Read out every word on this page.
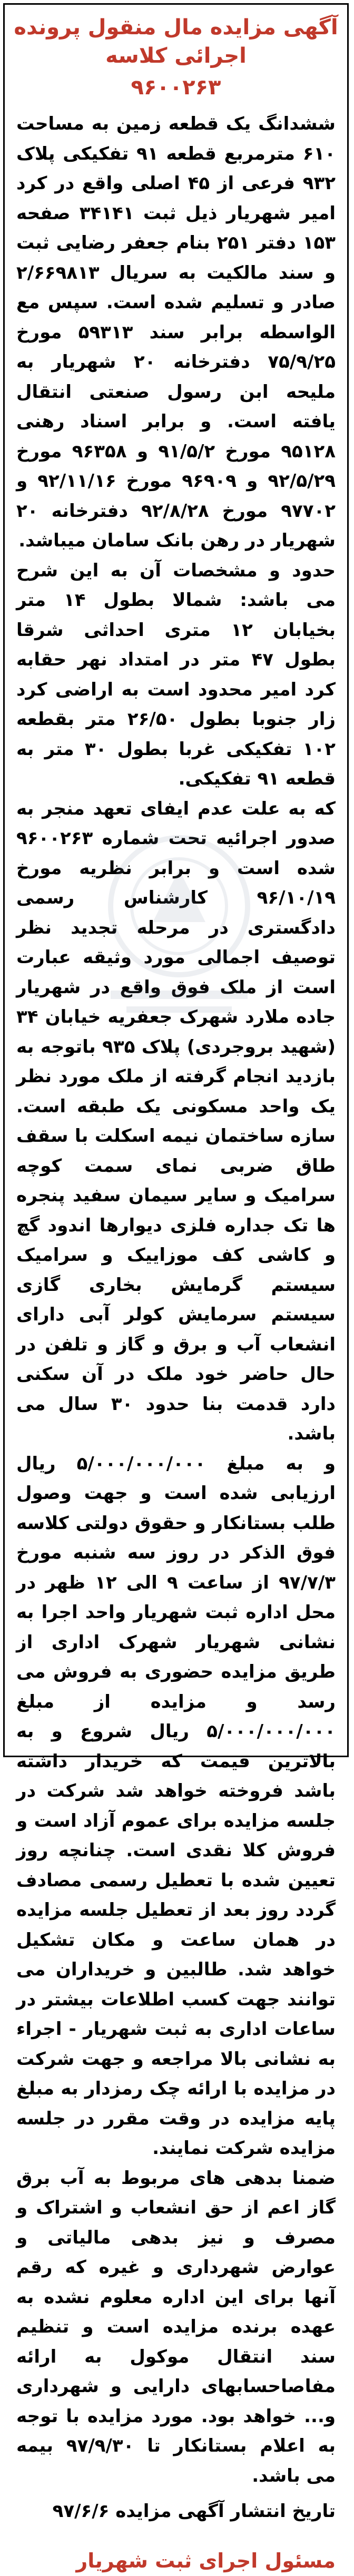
آگهی مزایده مال منقول پرونده اجرائی کلاسه
۹۶۰۰۲۶۳

ششدانگ یک قطعه زمین به مساحت ۶۱۰ مترمربع قطعه ۹۱ تفکیکی پلاک ۹۳۲ فرعی از ۴۵ اصلی واقع در کرد امیر شهریار ذیل ثبت ۳۴۱۴۱ صفحه ۱۵۳ دفتر ۲۵۱ بنام جعفر رضایی ثبت و سند مالکیت به سریال ۲/۶۶۹۸۱۳ صادر و تسلیم شده است. سپس مع الواسطه برابر سند ۵۹۳۱۳ مورخ ۷۵/۹/۲۵ دفترخانه ۲۰ شهریار به ملیحه ابن رسول صنعتی انتقال یافته است. و برابر اسناد رهنی ۹۵۱۲۸ مورخ ۹۱/۵/۲ و ۹۶۳۵۸ مورخ ۹۲/۵/۲۹ و ۹۶۹۰۹ مورخ ۹۲/۱۱/۱۶ و ۹۷۷۰۲ مورخ ۹۲/۸/۲۸ دفترخانه ۲۰ شهریار در رهن بانک سامان میباشد.

حدود و مشخصات آن به این شرح می باشد: شمالا بطول ۱۴ متر بخیابان ۱۲ متری احداثی شرقا بطول ۴۷ متر در امتداد نهر حقابه کرد امیر محدود است به اراضی کرد زار جنوبا بطول ۲۶/۵۰ متر بقطعه ۱۰۲ تفکیکی غربا بطول ۳۰ متر به قطعه ۹۱ تفکیکی.

که به علت عدم ایفای تعهد منجر به صدور اجرائیه تحت شماره ۹۶۰۰۲۶۳ شده است و برابر نظریه مورخ ۹۶/۱۰/۱۹ کارشناس رسمی دادگستری در مرحله تجدید نظر توصیف اجمالی مورد وثیقه عبارت است از ملک فوق واقع در شهریار جاده ملارد شهرک جعفریه خیابان ۳۴ (شهید بروجردی) پلاک ۹۳۵ باتوجه به بازدید انجام گرفته از ملک مورد نظر یک واحد مسکونی یک طبقه است. سازه ساختمان نیمه اسکلت با سقف طاق ضربی نمای سمت کوچه سرامیک و سایر سیمان سفید پنجره ها تک جداره فلزی دیوارها اندود گچ و کاشی کف موزاییک و سرامیک سیستم گرمایش بخاری گازی سیستم سرمایش کولر آبی دارای انشعاب آب و برق و گاز و تلفن در حال حاضر خود ملک در آن سکنی دارد قدمت بنا حدود ۳۰ سال می باشد.

و به مبلغ ۵/۰۰۰/۰۰۰/۰۰۰ ریال ارزیابی شده است و جهت وصول طلب بستانکار و حقوق دولتی کلاسه فوق الذکر در روز سه شنبه مورخ ۹۷/۷/۳ از ساعت ۹ الی ۱۲ ظهر در محل اداره ثبت شهریار واحد اجرا به نشانی شهریار شهرک اداری از طریق مزایده حضوری به فروش می رسد و مزایده از مبلغ ۵/۰۰۰/۰۰۰/۰۰۰ ریال شروع و به بالاترین قیمت که خریدار داشته باشد فروخته خواهد شد شرکت در جلسه مزایده برای عموم آزاد است و فروش کلا نقدی است. چنانچه روز تعیین شده با تعطیل رسمی مصادف گردد روز بعد از تعطیل جلسه مزایده در همان ساعت و مکان تشکیل خواهد شد. طالبین و خریداران می توانند جهت کسب اطلاعات بیشتر در ساعات اداری به ثبت شهریار - اجراء به نشانی بالا مراجعه و جهت شرکت در مزایده با ارائه چک رمزدار به مبلغ پایه مزایده در وقت مقرر در جلسه مزایده شرکت نمایند.

ضمنا بدهی های مربوط به آب برق گاز اعم از حق انشعاب و اشتراک و مصرف و نیز بدهی مالیاتی و عوارض شهرداری و غیره که رقم آنها برای این اداره معلوم نشده به عهده برنده مزایده است و تنظیم سند انتقال موکول به ارائه مفاصاحسابهای دارایی و شهرداری و... خواهد بود. مورد مزایده با توجه به اعلام بستانکار تا ۹۷/۹/۳۰ بیمه می باشد.

تاریخ انتشار آگهی مزایده ۹۷/۶/۶
مسئول اجرای ثبت شهریار
